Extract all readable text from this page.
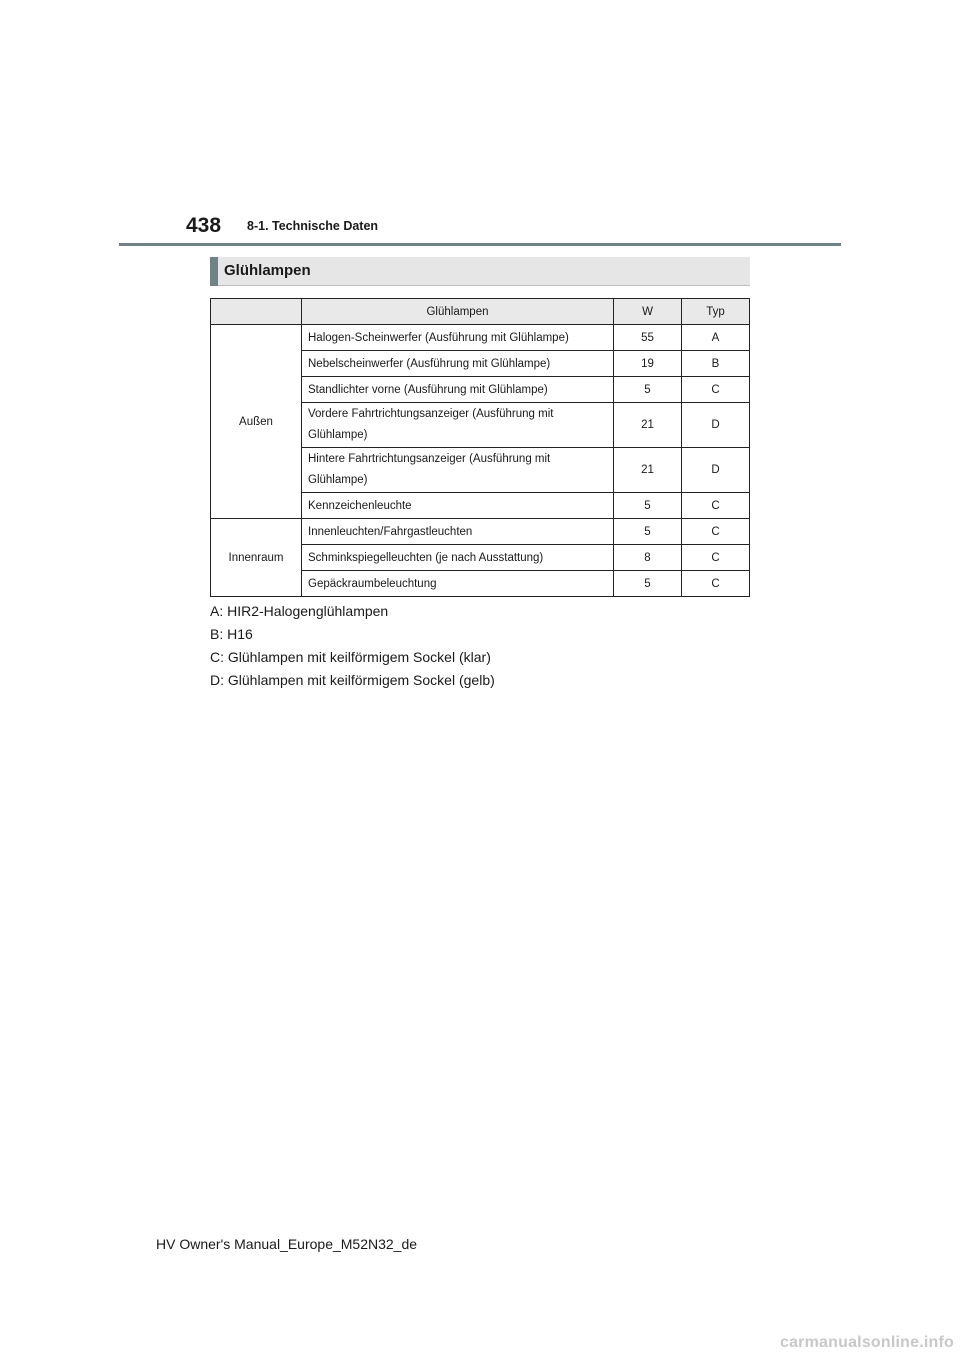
438 8-1. Technische Daten
Glühlampen
	Glühlampen	W	Typ
Außen	Halogen-Scheinwerfer (Ausführung mit Glühlampe)	55	A
	Nebelscheinwerfer (Ausführung mit Glühlampe)	19	B
	Standlichter vorne (Ausführung mit Glühlampe)	5	C
	Vordere Fahrtrichtungsanzeiger (Ausführung mit
Glühlampe)	21	D
	Hintere Fahrtrichtungsanzeiger (Ausführung mit
Glühlampe)	21	D
	Kennzeichenleuchte	5	C
Innenraum	Innenleuchten/Fahrgastleuchten	5	C
	Schminkspiegelleuchten (je nach Ausstattung)	8	C
	Gepäckraumbeleuchtung	5	C
A: HIR2-Halogenglühlampen
B: H16
C: Glühlampen mit keilförmigem Sockel (klar)
D: Glühlampen mit keilförmigem Sockel (gelb)
HV Owner's Manual_Europe_M52N32_de
carmanualsonline.info
